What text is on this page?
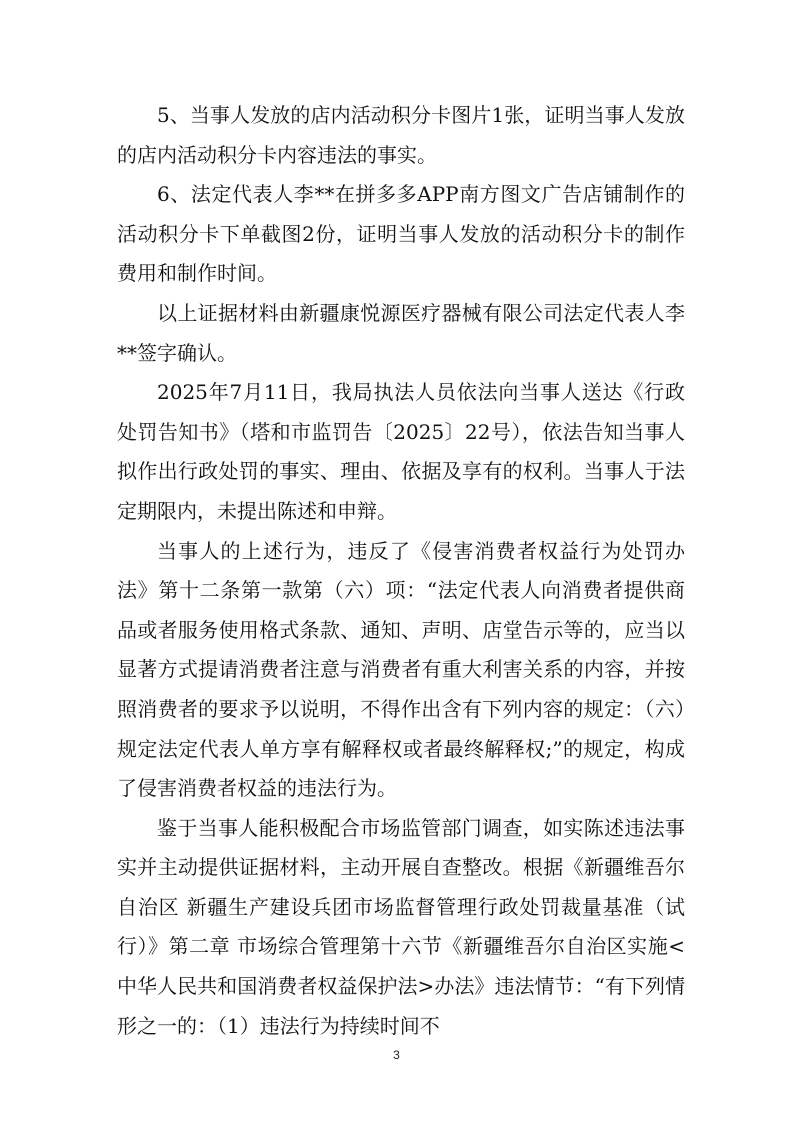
5、当事人发放的店内活动积分卡图片1张，证明当事人发放的店内活动积分卡内容违法的事实。

6、法定代表人李**在拼多多APP南方图文广告店铺制作的活动积分卡下单截图2份，证明当事人发放的活动积分卡的制作费用和制作时间。

以上证据材料由新疆康悦源医疗器械有限公司法定代表人李**签字确认。

2025年7月11日，我局执法人员依法向当事人送达《行政处罚告知书》（塔和市监罚告〔2025〕22号），依法告知当事人拟作出行政处罚的事实、理由、依据及享有的权利。当事人于法定期限内，未提出陈述和申辩。

当事人的上述行为，违反了《侵害消费者权益行为处罚办法》第十二条第一款第（六）项：“法定代表人向消费者提供商品或者服务使用格式条款、通知、声明、店堂告示等的，应当以显著方式提请消费者注意与消费者有重大利害关系的内容，并按照消费者的要求予以说明，不得作出含有下列内容的规定：（六）规定法定代表人单方享有解释权或者最终解释权;”的规定，构成了侵害消费者权益的违法行为。

鉴于当事人能积极配合市场监管部门调查，如实陈述违法事实并主动提供证据材料，主动开展自查整改。根据《新疆维吾尔自治区 新疆生产建设兵团市场监督管理行政处罚裁量基准（试行）》第二章 市场综合管理第十六节《新疆维吾尔自治区实施<中华人民共和国消费者权益保护法>办法》违法情节：“有下列情形之一的：（1）违法行为持续时间不

3
